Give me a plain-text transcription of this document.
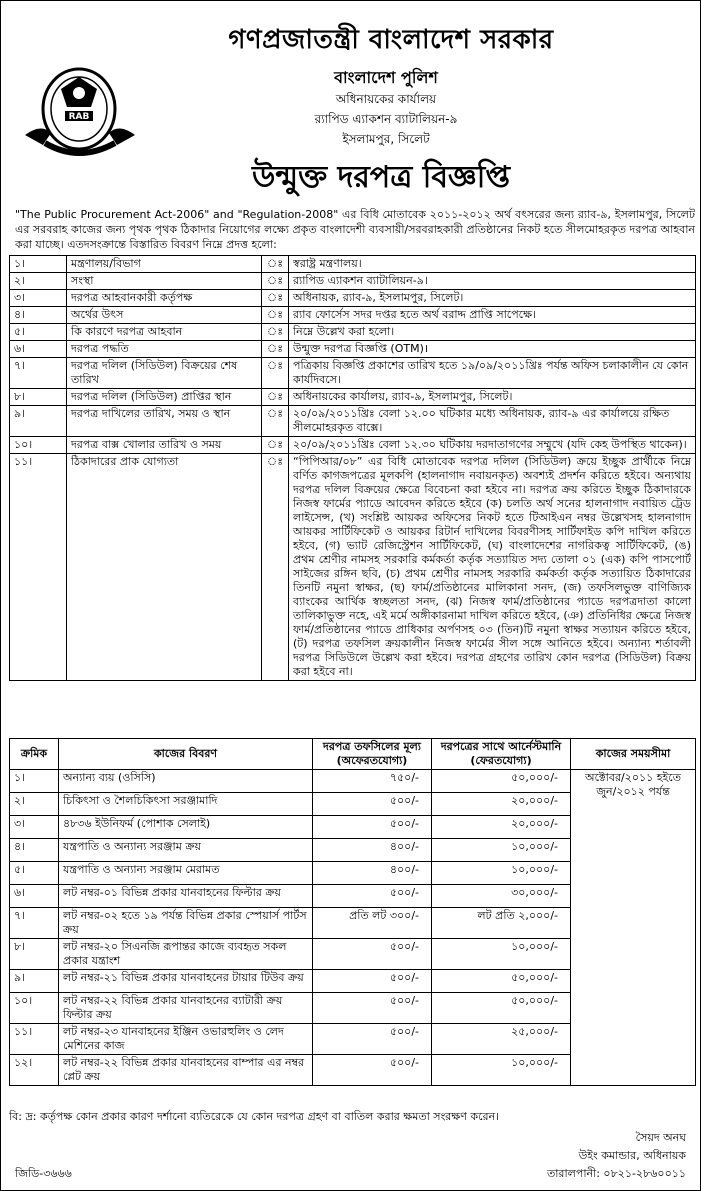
RAB
গণপ্রজাতন্ত্রী বাংলাদেশ সরকার
বাংলাদেশ পুলিশ
অধিনায়কের কার্যালয়
র‍্যাপিড এ্যাকশন ব্যাটালিয়ন-৯
ইসলামপুর, সিলেট
উন্মুক্ত দরপত্র বিজ্ঞপ্তি
"The Public Procurement Act-2006" and "Regulation-2008" এর বিধি মোতাবেক ২০১১-২০১২ অর্থ বৎসরের জন্য র‍্যাব-৯, ইসলামপুর, সিলেট এর সরবরাহ কাজের জন্য পৃথক পৃথক ঠিকাদার নিয়োগের লক্ষ্যে প্রকৃত বাংলাদেশী ব্যবসায়ী/সরবরাহকারী প্রতিষ্ঠানের নিকট হতে সীলমোহরকৃত দরপত্র আহবান করা যাচ্ছে। এতদসংক্রান্তে বিস্তারিত বিবরণ নিম্নে প্রদত্ত হলো:
১।	মন্ত্রণালয়/বিভাগ	ঃ	স্বরাষ্ট্র মন্ত্রণালয়।
২।	সংস্থা	ঃ	র‍্যাপিড এ্যাকশন ব্যাটালিয়ন-৯।
৩।	দরপত্র আহবানকারী কর্তৃপক্ষ	ঃ	অধিনায়ক, র‍্যাব-৯, ইসলামপুর, সিলেট।
৪।	অর্থের উৎস	ঃ	র‍্যাব ফোর্সেস সদর দপ্তর হতে অর্থ বরাদ্দ প্রাপ্তি সাপেক্ষে।
৫।	কি কারণে দরপত্র আহবান	ঃ	নিম্নে উল্লেখ করা হলো।
৬।	দরপত্র পদ্ধতি	ঃ	উন্মুক্ত দরপত্র বিজ্ঞপ্তি (OTM)।
৭।	দরপত্র দলিল (সিডিউল) বিক্রয়ের শেষ তারিখ	ঃ	পত্রিকায় বিজ্ঞপ্তি প্রকাশের তারিখ হতে ১৯/০৯/২০১১খ্রিঃ পর্যন্ত অফিস চলাকালীন যে কোন কার্যদিবসে।
৮।	দরপত্র দলিল (সিডিউল) প্রাপ্তির স্থান	ঃ	অধিনায়কের কার্যালয়, র‍্যাব-৯, ইসলামপুর, সিলেট।
৯।	দরপত্র দাখিলের তারিখ, সময় ও স্থান	ঃ	২০/০৯/২০১১খ্রিঃ বেলা ১২.০০ ঘটিকার মধ্যে অধিনায়ক, র‍্যাব-৯ এর কার্যালয়ে রক্ষিত সীলমোহরকৃত বাক্সে।
১০।	দরপত্র বাক্স খোলার তারিখ ও সময়	ঃ	২০/০৯/২০১১খ্রিঃ বেলা ১২.৩০ ঘটিকায় দরদাতাগণের সম্মুখে (যদি কেহ উপস্থিত থাকেন)।
১১।	ঠিকাদারের প্রাক যোগ্যতা	ঃ	“পিপিআর/০৮” এর বিধি মোতাবেক দরপত্র দলিল (সিডিউল) ক্রয়ে ইচ্ছুক প্রার্থীকে নিম্নে বর্ণিত কাগজপত্রের মূলকপি (হালনাগাদ নবায়নকৃত) অবশ্যই প্রদর্শন করিতে হইবে। অন্যথায় দরপত্র দলিল বিক্রয়ের ক্ষেত্রে বিবেচনা করা হইবে না। দরপত্র ক্রয় করিতে ইচ্ছুক ঠিকাদারকে নিজস্ব ফার্মের প্যাডে আবেদন করিতে হইবে (ক) চলতি অর্থ সনের হালনাগাদ নবায়িত ট্রেড লাইসেন্স, (খ) সংশ্লিষ্ট আয়কর অফিসের নিকট হতে টিআইএন নম্বর উল্লেখসহ হালনাগাদ আয়কর সার্টিফিকেট ও আয়কর রিটার্ন দাখিলের বিবরণীসহ সার্টিফাইড কপি দাখিল করিতে হইবে, (গ) ভ্যাট রেজিস্ট্রেশন সার্টিফিকেট, (ঘ) বাংলাদেশের নাগরিকত্ব সার্টিফিকেট, (ঙ) প্রথম শ্রেণীর নামসহ সরকারি কর্মকর্তা কর্তৃক সত্যায়িত সদ্য তোলা ০১ (এক) কপি পাসপোর্ট সাইজের রঙ্গিন ছবি, (চ) প্রথম শ্রেণীর নামসহ সরকারি কর্মকর্তা কর্তৃক সত্যায়িত ঠিকাদারের তিনটি নমুনা স্বাক্ষর, (ছ) ফার্ম/প্রতিষ্ঠানের মালিকানা সনদ, (জ) তফসিলভুক্ত বাণিজ্যিক ব্যাংকের আর্থিক স্বচ্ছলতা সনদ, (ঝ) নিজস্ব ফার্ম/প্রতিষ্ঠানের প্যাডে দরপত্রদাতা কালো তালিকাভুক্ত নহে, এই মর্মে অঙ্গীকারনামা দাখিল করিতে হইবে, (ঞ) প্রতিনিধির ক্ষেত্রে নিজস্ব ফার্ম/প্রতিষ্ঠানের প্যাডে প্রাধিকার অর্পণসহ ০৩ (তিন)টি নমুনা স্বাক্ষর সত্যায়ন করিতে হইবে, (ট) দরপত্র তফসিল ক্রয়কালীন নিজস্ব ফার্মের সীল সঙ্গে আনিতে হইবে। অন্যান্য শর্তাবলী দরপত্র সিডিউলে উল্লেখ করা হইবে। দরপত্র গ্রহণের তারিখ কোন দরপত্র (সিডিউল) বিক্রয় করা হইবে না।
ক্রমিক	কাজের বিবরণ	দরপত্র তফসিলের মূল্য (অফেরতযোগ্য)	দরপত্রের সাথে আর্নেস্টমানি (ফেরতযোগ্য)	কাজের সময়সীমা
১।	অন্যান্য ব্যয় (ওসিসি)	৭৫০/-	৫০,০০০/-	অক্টোবর/২০১১ হইতে জুন/২০১২ পর্যন্ত
২।	চিকিৎসা ও শৈলচিকিৎসা সরঞ্জামাদি	৫০০/-	২০,০০০/-	
৩।	৪৮৩৬ ইউনিফর্ম (পোশাক সেলাই)	৫০০/-	২০,০০০/-	
৪।	যন্ত্রপাতি ও অন্যান্য সরঞ্জাম ক্রয়	৪০০/-	১০,০০০/-	
৫।	যন্ত্রপাতি ও অন্যান্য সরঞ্জাম মেরামত	৪০০/-	১০,০০০/-	
৬।	লট নম্বর-০১ বিভিন্ন প্রকার যানবাহনের ফিল্টার ক্রয়	৫০০/-	৩০,০০০/-	
৭।	লট নম্বর-০২ হতে ১৯ পর্যন্ত বিভিন্ন প্রকার স্পেয়ার্স পার্টস ক্রয়	প্রতি লট ৩০০/-	লট প্রতি ২,০০০/-	
৮।	লট নম্বর-২০ সিএনজি রূপান্তর কাজে ব্যবহৃত সকল প্রকার যন্ত্রাংশ	৫০০/-	১০,০০০/-	
৯।	লট নম্বর-২১ বিভিন্ন প্রকার যানবাহনের টায়ার টিউব ক্রয়	৫০০/-	৫০,০০০/-	
১০।	লট নম্বর-২২ বিভিন্ন প্রকার যানবাহনের ব্যাটারী ক্রয় ফিল্টার ক্রয়	৫০০/-	৫০,০০০/-	
১১।	লট নম্বর-২৩ যানবাহনের ইঞ্জিন ওভারহুলিং ও লেদ মেশিনের কাজ	৫০০/-	২৫,০০০/-	
১২।	লট নম্বর-২২ বিভিন্ন প্রকার যানবাহনের বাম্পার এর নম্বর প্লেট ক্রয়	৫০০/-	১০,০০০/-	
বি: দ্র: কর্তৃপক্ষ কোন প্রকার কারণ দর্শানো ব্যতিরেকে যে কোন দরপত্র গ্রহণ বা বাতিল করার ক্ষমতা সংরক্ষণ করেন।
সৈয়দ অনঘ
উইং কমান্ডার, অধিনায়ক
তারালপানী: ০৮২১-২৮৬০০১১
জিডি-৩৬৬৬
